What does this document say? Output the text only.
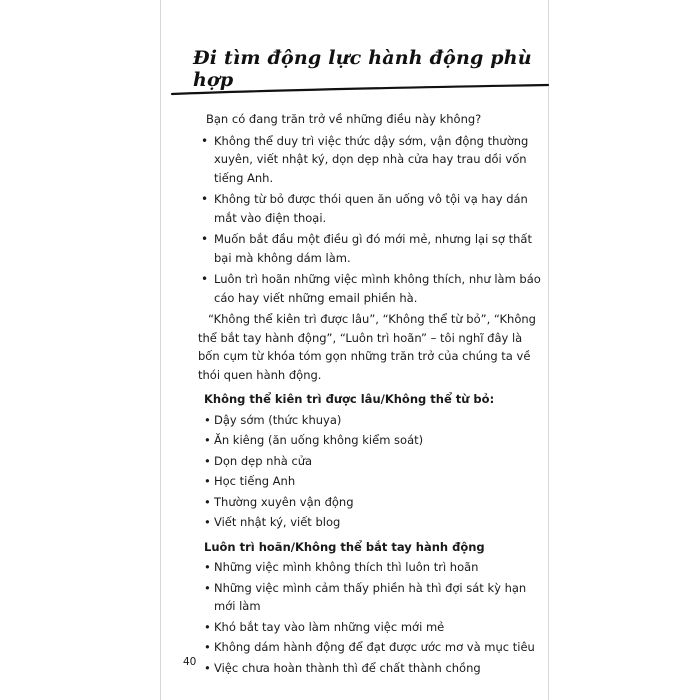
Đi tìm động lực hành động phù hợp

Bạn có đang trăn trở về những điều này không?

• Không thể duy trì việc thức dậy sớm, vận động thường xuyên, viết nhật ký, dọn dẹp nhà cửa hay trau dồi vốn tiếng Anh.
• Không từ bỏ được thói quen ăn uống vô tội vạ hay dán mắt vào điện thoại.
• Muốn bắt đầu một điều gì đó mới mẻ, nhưng lại sợ thất bại mà không dám làm.
• Luôn trì hoãn những việc mình không thích, như làm báo cáo hay viết những email phiền hà.

“Không thể kiên trì được lâu”, “Không thể từ bỏ”, “Không thể bắt tay hành động”, “Luôn trì hoãn” – tôi nghĩ đây là bốn cụm từ khóa tóm gọn những trăn trở của chúng ta về thói quen hành động.

Không thể kiên trì được lâu/Không thể từ bỏ:
• Dậy sớm (thức khuya)
• Ăn kiêng (ăn uống không kiểm soát)
• Dọn dẹp nhà cửa
• Học tiếng Anh
• Thường xuyên vận động
• Viết nhật ký, viết blog
Luôn trì hoãn/Không thể bắt tay hành động
• Những việc mình không thích thì luôn trì hoãn
• Những việc mình cảm thấy phiền hà thì đợi sát kỳ hạn mới làm
• Khó bắt tay vào làm những việc mới mẻ
• Không dám hành động để đạt được ước mơ và mục tiêu
• Việc chưa hoàn thành thì để chất thành chồng
40
